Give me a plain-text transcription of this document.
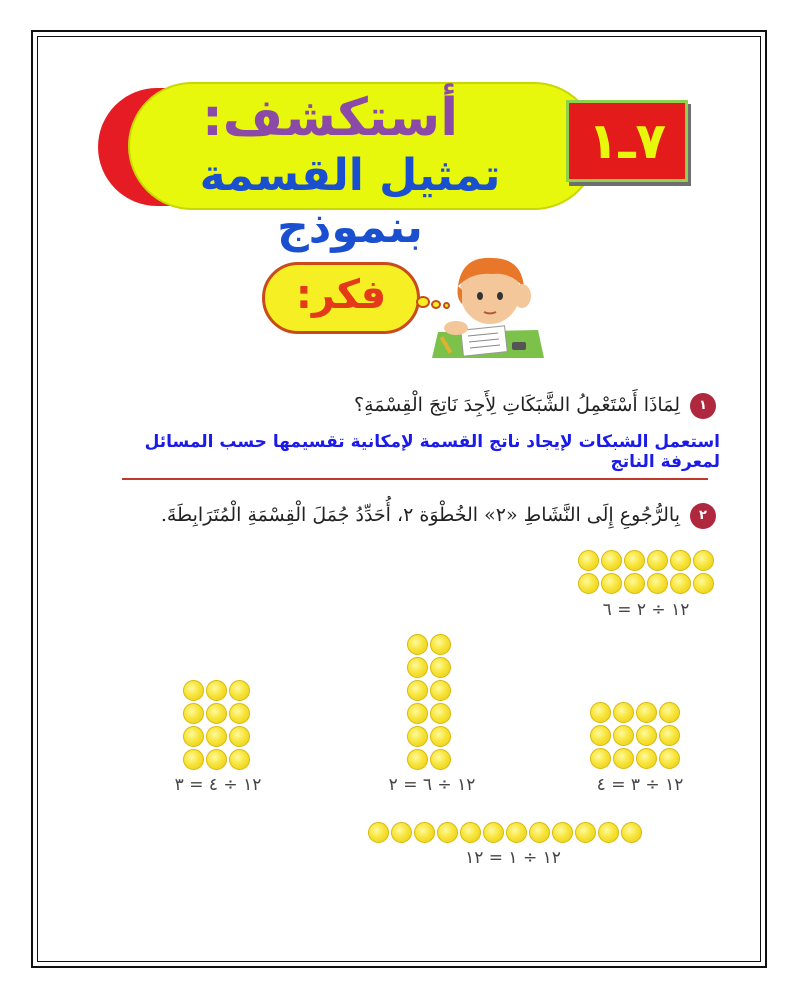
أستكشف:
تمثيل القسمة بنموذج
٧ـ١
فكر:
١
لِمَاذَا أَسْتَعْمِلُ الشَّبَكَاتِ لِأَجِدَ نَاتِجَ الْقِسْمَةِ؟
استعمل الشبكات لإيجاد ناتج القسمة لإمكانية تقسيمها حسب المسائل لمعرفة الناتج
٢
بِالرُّجُوعِ إِلَى النَّشَاطِ «٢» الخُطْوَة ٢، أُحَدِّدُ جُمَلَ الْقِسْمَةِ الْمُتَرَابِطَةَ.
١٢ ÷ ٢ = ٦
١٢ ÷ ٤ = ٣	١٢ ÷ ٦ = ٢	١٢ ÷ ٣ = ٤
١٢ ÷ ١ = ١٢
